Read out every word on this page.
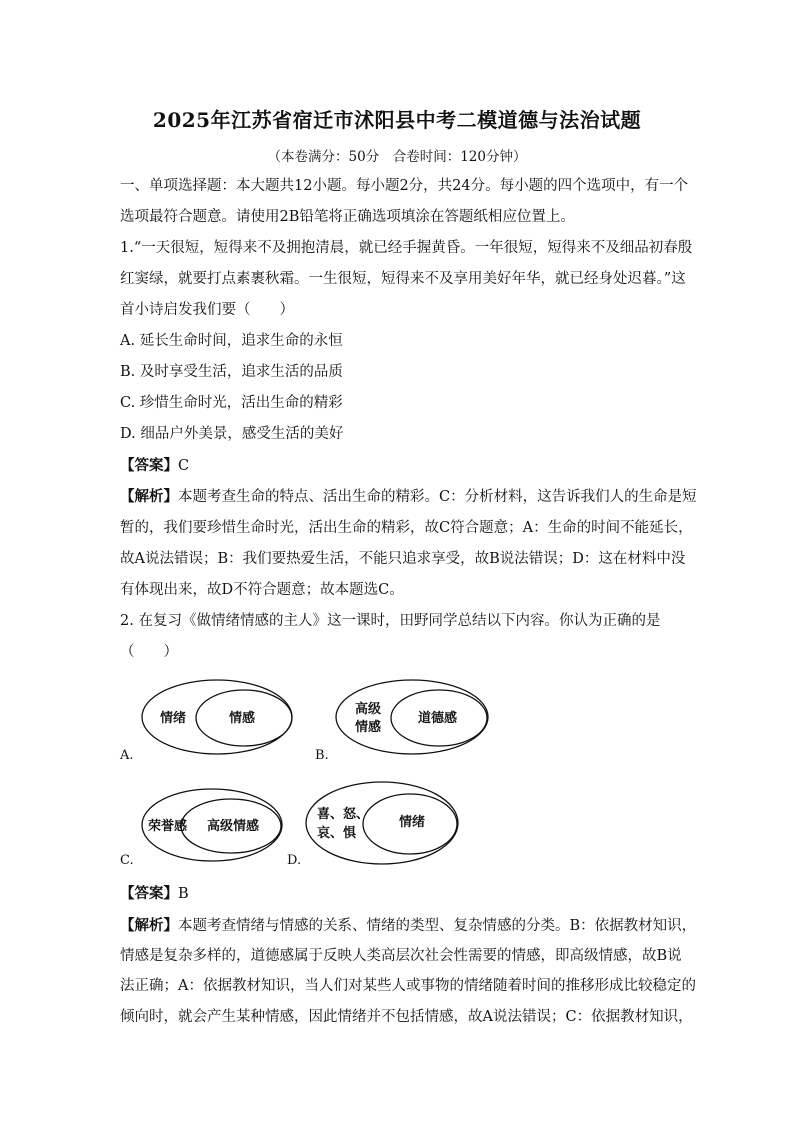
2025年江苏省宿迁市沭阳县中考二模道德与法治试题
（本卷满分：50分　合卷时间：120分钟）
一、单项选择题：本大题共12小题。每小题2分，共24分。每小题的四个选项中，有一个
选项最符合题意。请使用2B铅笔将正确选项填涂在答题纸相应位置上。
1.“一天很短，短得来不及拥抱清晨，就已经手握黄昏。一年很短，短得来不及细品初春殷
红窦绿，就要打点素裹秋霜。一生很短，短得来不及享用美好年华，就已经身处迟暮。”这
首小诗启发我们要（　　）
A. 延长生命时间，追求生命的永恒
B. 及时享受生活，追求生活的品质
C. 珍惜生命时光，活出生命的精彩
D. 细品户外美景，感受生活的美好
【答案】C
【解析】本题考查生命的特点、活出生命的精彩。C：分析材料，这告诉我们人的生命是短
暂的，我们要珍惜生命时光，活出生命的精彩，故C符合题意；A：生命的时间不能延长，
故A说法错误；B：我们要热爱生活，不能只追求享受，故B说法错误；D：这在材料中没
有体现出来，故D不符合题意；故本题选C。
2. 在复习《做情绪情感的主人》这一课时，田野同学总结以下内容。你认为正确的是
（　　）
情绪	情感
A.
高级
情感
道德感
B.
荣誉感 高级情感
C.
喜、怒、
哀、惧
情绪
D.
【答案】B
【解析】本题考查情绪与情感的关系、情绪的类型、复杂情感的分类。B：依据教材知识，
情感是复杂多样的，道德感属于反映人类高层次社会性需要的情感，即高级情感，故B说
法正确；A：依据教材知识，当人们对某些人或事物的情绪随着时间的推移形成比较稳定的
倾向时，就会产生某种情感，因此情绪并不包括情感，故A说法错误；C：依据教材知识，
